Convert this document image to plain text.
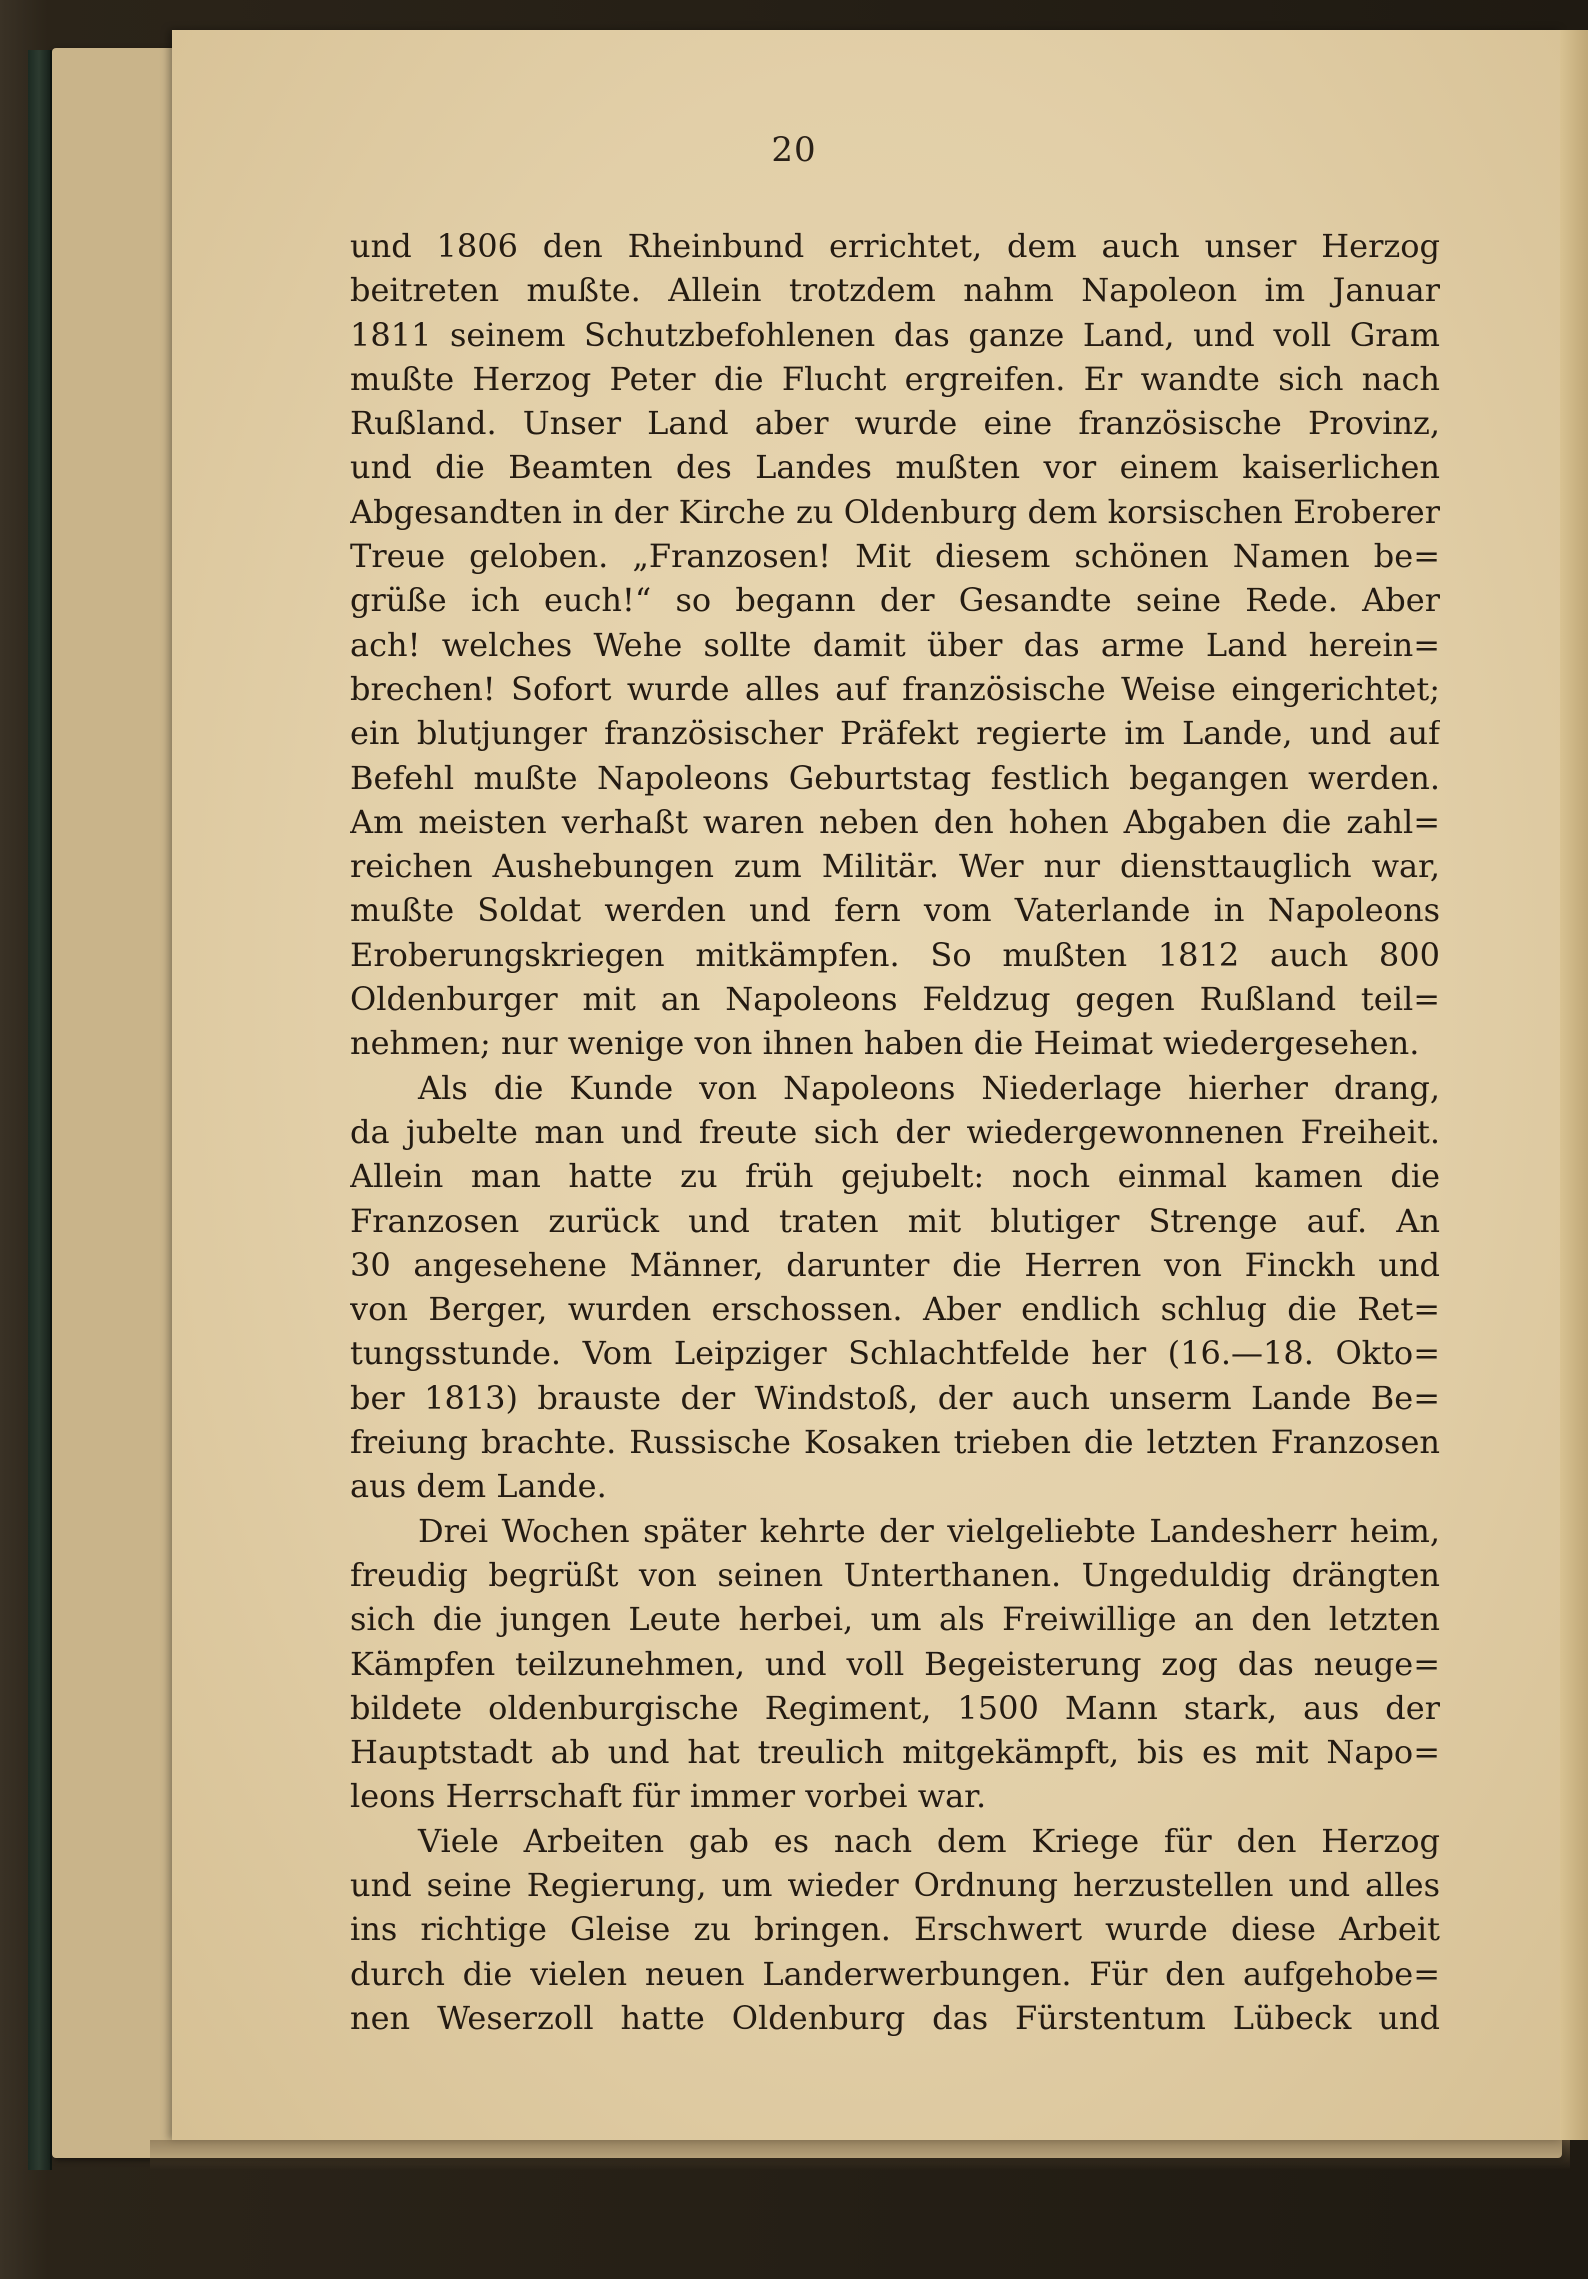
20
und 1806 den Rheinbund errichtet, dem auch unser Herzog
beitreten mußte. Allein trotzdem nahm Napoleon im Januar
1811 seinem Schutzbefohlenen das ganze Land, und voll Gram
mußte Herzog Peter die Flucht ergreifen. Er wandte sich nach
Rußland. Unser Land aber wurde eine französische Provinz,
und die Beamten des Landes mußten vor einem kaiserlichen
Abgesandten in der Kirche zu Oldenburg dem korsischen Eroberer
Treue geloben. „Franzosen! Mit diesem schönen Namen be=
grüße ich euch!“ so begann der Gesandte seine Rede. Aber
ach! welches Wehe sollte damit über das arme Land herein=
brechen! Sofort wurde alles auf französische Weise eingerichtet;
ein blutjunger französischer Präfekt regierte im Lande, und auf
Befehl mußte Napoleons Geburtstag festlich begangen werden.
Am meisten verhaßt waren neben den hohen Abgaben die zahl=
reichen Aushebungen zum Militär. Wer nur diensttauglich war,
mußte Soldat werden und fern vom Vaterlande in Napoleons
Eroberungskriegen mitkämpfen. So mußten 1812 auch 800
Oldenburger mit an Napoleons Feldzug gegen Rußland teil=
nehmen; nur wenige von ihnen haben die Heimat wiedergesehen.
Als die Kunde von Napoleons Niederlage hierher drang,
da jubelte man und freute sich der wiedergewonnenen Freiheit.
Allein man hatte zu früh gejubelt: noch einmal kamen die
Franzosen zurück und traten mit blutiger Strenge auf. An
30 angesehene Männer, darunter die Herren von Finckh und
von Berger, wurden erschossen. Aber endlich schlug die Ret=
tungsstunde. Vom Leipziger Schlachtfelde her (16.—18. Okto=
ber 1813) brauste der Windstoß, der auch unserm Lande Be=
freiung brachte. Russische Kosaken trieben die letzten Franzosen
aus dem Lande.
Drei Wochen später kehrte der vielgeliebte Landesherr heim,
freudig begrüßt von seinen Unterthanen. Ungeduldig drängten
sich die jungen Leute herbei, um als Freiwillige an den letzten
Kämpfen teilzunehmen, und voll Begeisterung zog das neuge=
bildete oldenburgische Regiment, 1500 Mann stark, aus der
Hauptstadt ab und hat treulich mitgekämpft, bis es mit Napo=
leons Herrschaft für immer vorbei war.
Viele Arbeiten gab es nach dem Kriege für den Herzog
und seine Regierung, um wieder Ordnung herzustellen und alles
ins richtige Gleise zu bringen. Erschwert wurde diese Arbeit
durch die vielen neuen Landerwerbungen. Für den aufgehobe=
nen Weserzoll hatte Oldenburg das Fürstentum Lübeck und
